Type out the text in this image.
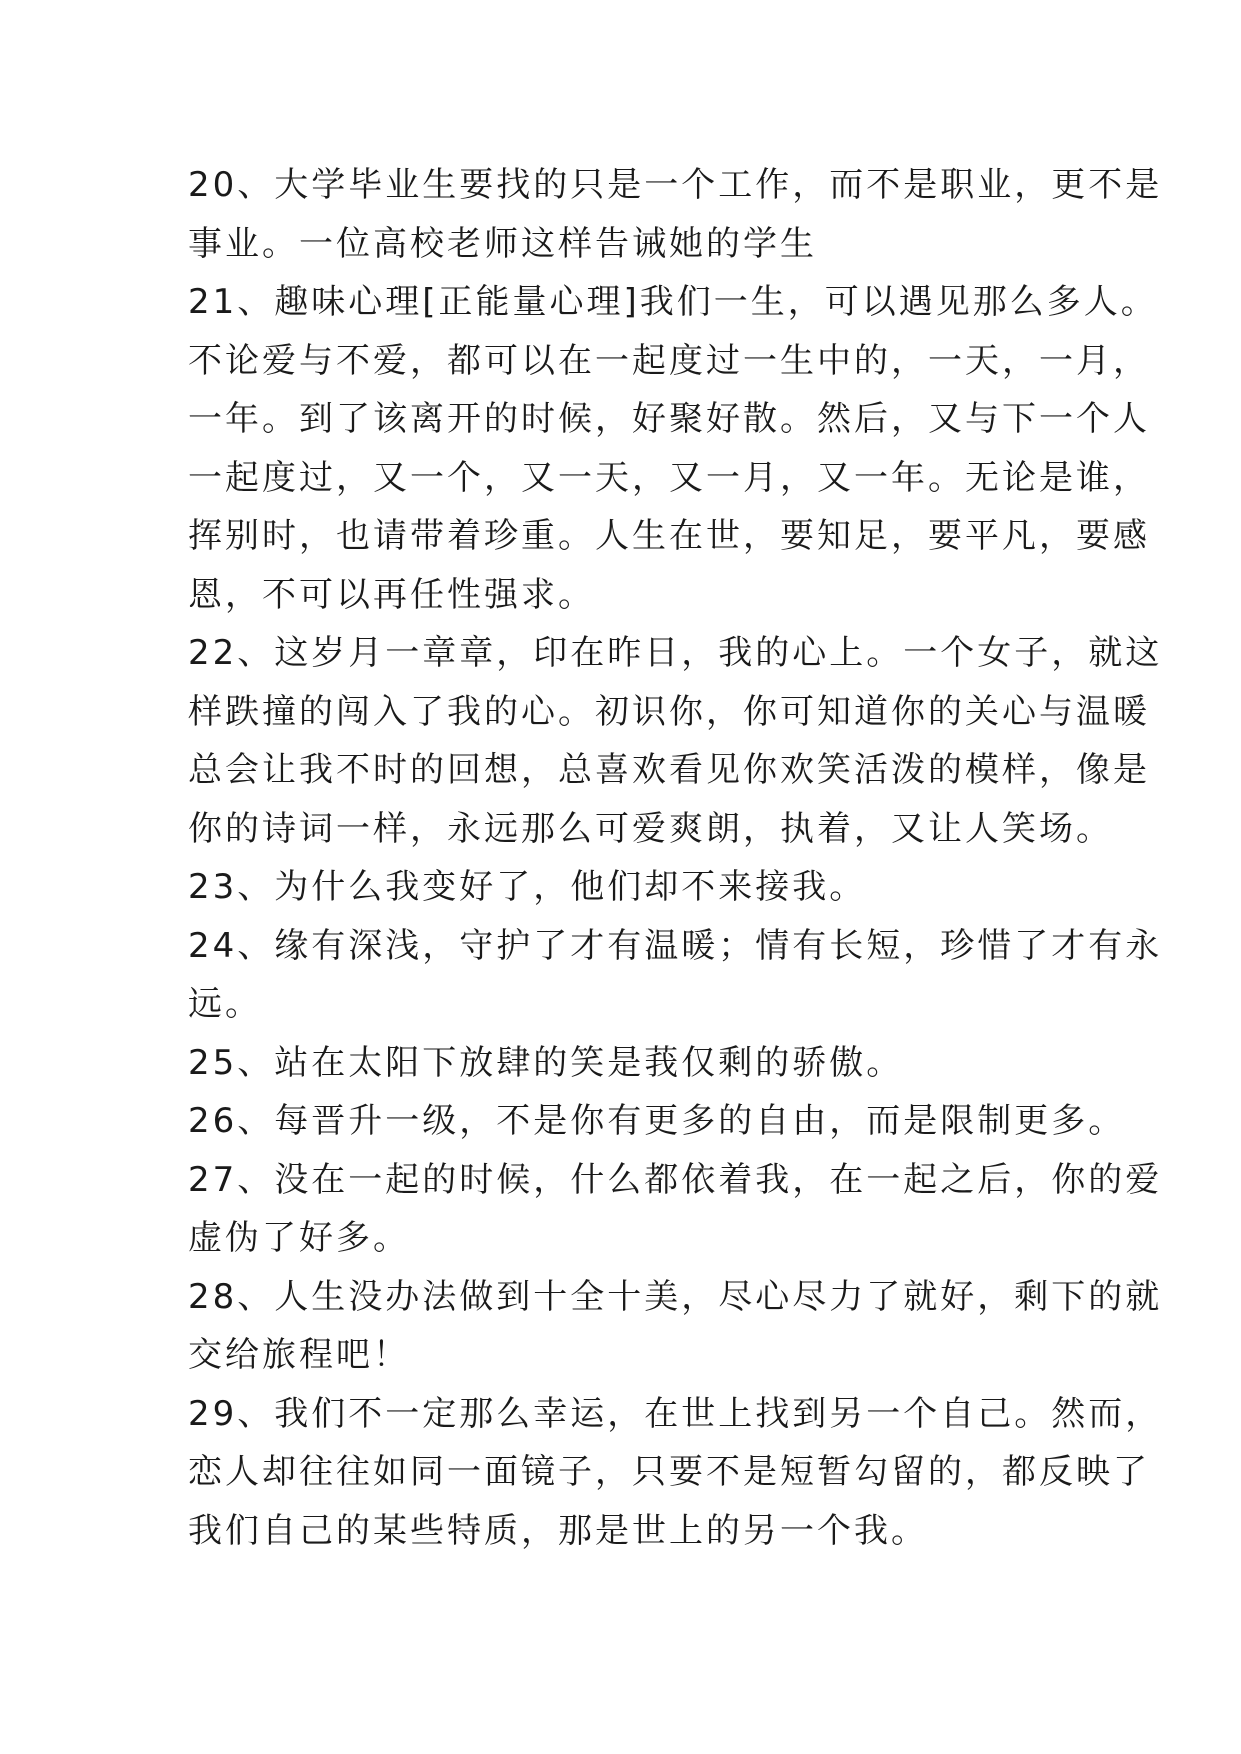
20、大学毕业生要找的只是一个工作，而不是职业，更不是
事业。一位高校老师这样告诫她的学生
21、趣味心理[正能量心理]我们一生，可以遇见那么多人。
不论爱与不爱，都可以在一起度过一生中的，一天，一月，
一年。到了该离开的时候，好聚好散。然后，又与下一个人
一起度过，又一个，又一天，又一月，又一年。无论是谁，
挥别时，也请带着珍重。人生在世，要知足，要平凡，要感
恩，不可以再任性强求。
22、这岁月一章章，印在昨日，我的心上。一个女子，就这
样跌撞的闯入了我的心。初识你，你可知道你的关心与温暖
总会让我不时的回想，总喜欢看见你欢笑活泼的模样，像是
你的诗词一样，永远那么可爱爽朗，执着，又让人笑场。
23、为什么我变好了，他们却不来接我。
24、缘有深浅，守护了才有温暖；情有长短，珍惜了才有永
远。
25、站在太阳下放肆的笑是莪仅剩的骄傲。
26、每晋升一级，不是你有更多的自由，而是限制更多。
27、没在一起的时候，什么都依着我，在一起之后，你的爱
虚伪了好多。
28、人生没办法做到十全十美，尽心尽力了就好，剩下的就
交给旅程吧！
29、我们不一定那么幸运，在世上找到另一个自己。然而，
恋人却往往如同一面镜子，只要不是短暂勾留的，都反映了
我们自己的某些特质，那是世上的另一个我。
